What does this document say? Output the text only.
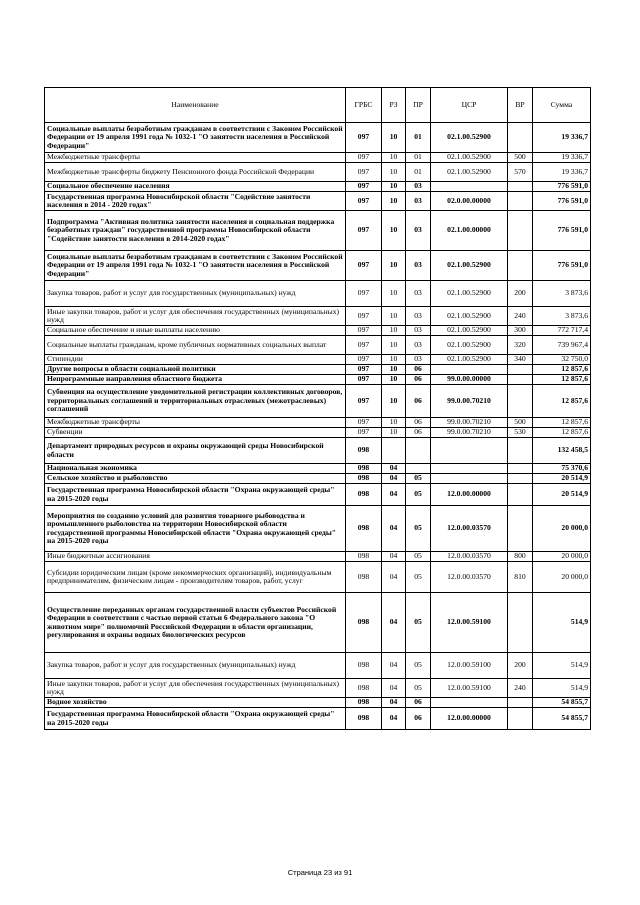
Наименование	ГРБС	РЗ	ПР	ЦСР	ВР	Сумма
Социальные выплаты безработным гражданам в соответствии с Законом Российской Федерации от 19 апреля 1991 года № 1032-1 "О занятости населения в Российской Федерации"	097	10	01	02.1.00.52900		19 336,7
Межбюджетные трансферты	097	10	01	02.1.00.52900	500	19 336,7
Межбюджетные трансферты бюджету Пенсионного фонда Российской Федерации	097	10	01	02.1.00.52900	570	19 336,7
Социальное обеспечение населения	097	10	03			776 591,0
Государственная программа Новосибирской области "Содействие занятости населения в 2014 - 2020 годах"	097	10	03	02.0.00.00000		776 591,0
Подпрограмма "Активная политика занятости населения и социальная поддержка безработных граждан" государственной программы Новосибирской области "Содействие занятости населения в 2014-2020 годах"	097	10	03	02.1.00.00000		776 591,0
Социальные выплаты безработным гражданам в соответствии с Законом Российской Федерации от 19 апреля 1991 года № 1032-1 "О занятости населения в Российской Федерации"	097	10	03	02.1.00.52900		776 591,0
Закупка товаров, работ и услуг для государственных (муниципальных) нужд	097	10	03	02.1.00.52900	200	3 873,6
Иные закупки товаров, работ и услуг для обеспечения государственных (муниципальных) нужд	097	10	03	02.1.00.52900	240	3 873,6
Социальное обеспечение и иные выплаты населению	097	10	03	02.1.00.52900	300	772 717,4
Социальные выплаты гражданам, кроме публичных нормативных социальных выплат	097	10	03	02.1.00.52900	320	739 967,4
Стипендии	097	10	03	02.1.00.52900	340	32 750,0
Другие вопросы в области социальной политики	097	10	06			12 857,6
Непрограммные направления областного бюджета	097	10	06	99.0.00.00000		12 857,6
Субвенция на осуществление уведомительной регистрации коллективных договоров, территориальных соглашений и территориальных отраслевых (межотраслевых) соглашений	097	10	06	99.0.00.70210		12 857,6
Межбюджетные трансферты	097	10	06	99.0.00.70210	500	12 857,6
Субвенции	097	10	06	99.0.00.70210	530	12 857,6
Департамент природных ресурсов и охраны окружающей среды Новосибирской области	098					132 458,5
Национальная экономика	098	04				75 370,6
Сельское хозяйство и рыболовство	098	04	05			20 514,9
Государственная программа Новосибирской области "Охрана окружающей среды" на 2015-2020 годы	098	04	05	12.0.00.00000		20 514,9
Мероприятия по созданию условий для развития товарного рыбоводства и промышленного рыболовства на территории Новосибирской области государственной программы Новосибирской области "Охрана окружающей среды" на 2015-2020 годы	098	04	05	12.0.00.03570		20 000,0
Иные бюджетные ассигнования	098	04	05	12.0.00.03570	800	20 000,0
Субсидии юридическим лицам (кроме некоммерческих организаций), индивидуальным предпринимателям, физическим лицам - производителям товаров, работ, услуг	098	04	05	12.0.00.03570	810	20 000,0
Осуществление переданных органам государственной власти субъектов Российской Федерации в соответствии с частью первой статьи 6 Федерального закона "О животном мире" полномочий Российской Федерации в области организации, регулирования и охраны водных биологических ресурсов	098	04	05	12.0.00.59100		514,9
Закупка товаров, работ и услуг для государственных (муниципальных) нужд	098	04	05	12.0.00.59100	200	514,9
Иные закупки товаров, работ и услуг для обеспечения государственных (муниципальных) нужд	098	04	05	12.0.00.59100	240	514,9
Водное хозяйство	098	04	06			54 855,7
Государственная программа Новосибирской области "Охрана окружающей среды" на 2015-2020 годы	098	04	06	12.0.00.00000		54 855,7
Страница 23 из 91
